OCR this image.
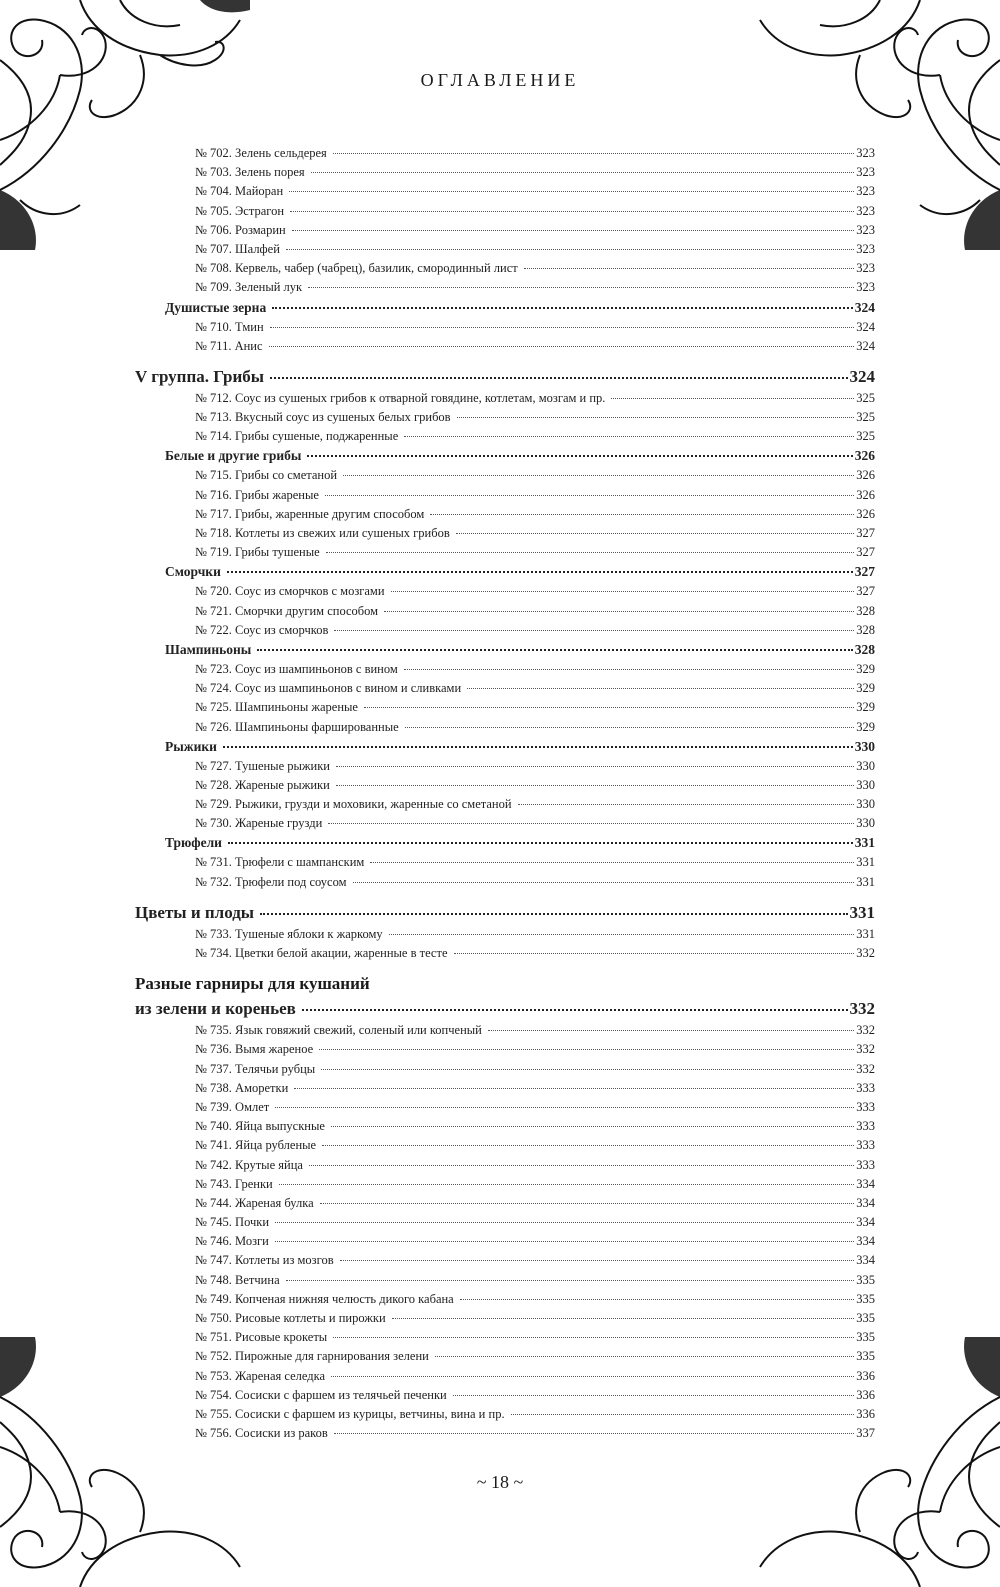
ОГЛАВЛЕНИЕ
№ 702. Зелень сельдерея	323
№ 703. Зелень порея	323
№ 704. Майоран	323
№ 705. Эстрагон	323
№ 706. Розмарин	323
№ 707. Шалфей	323
№ 708. Кервель, чабер (чабрец), базилик, смородинный лист	323
№ 709. Зеленый лук	323
Душистые зерна	324
№ 710. Тмин	324
№ 711. Анис	324
V группа. Грибы	324
№ 712. Соус из сушеных грибов к отварной говядине, котлетам, мозгам и пр.	325
№ 713. Вкусный соус из сушеных белых грибов	325
№ 714. Грибы сушеные, поджаренные	325
Белые и другие грибы	326
№ 715. Грибы со сметаной	326
№ 716. Грибы жареные	326
№ 717. Грибы, жаренные другим способом	326
№ 718. Котлеты из свежих или сушеных грибов	327
№ 719. Грибы тушеные	327
Сморчки	327
№ 720. Соус из сморчков с мозгами	327
№ 721. Сморчки другим способом	328
№ 722. Соус из сморчков	328
Шампиньоны	328
№ 723. Соус из шампиньонов с вином	329
№ 724. Соус из шампиньонов с вином и сливками	329
№ 725. Шампиньоны жареные	329
№ 726. Шампиньоны фаршированные	329
Рыжики	330
№ 727. Тушеные рыжики	330
№ 728. Жареные рыжики	330
№ 729. Рыжики, грузди и моховики, жаренные со сметаной	330
№ 730. Жареные грузди	330
Трюфели	331
№ 731. Трюфели с шампанским	331
№ 732. Трюфели под соусом	331
Цветы и плоды	331
№ 733. Тушеные яблоки к жаркому	331
№ 734. Цветки белой акации, жаренные в тесте	332
Разные гарниры для кушаний
из зелени и кореньев	332
№ 735. Язык говяжий свежий, соленый или копченый	332
№ 736. Вымя жареное	332
№ 737. Телячьи рубцы	332
№ 738. Аморетки	333
№ 739. Омлет	333
№ 740. Яйца выпускные	333
№ 741. Яйца рубленые	333
№ 742. Крутые яйца	333
№ 743. Гренки	334
№ 744. Жареная булка	334
№ 745. Почки	334
№ 746. Мозги	334
№ 747. Котлеты из мозгов	334
№ 748. Ветчина	335
№ 749. Копченая нижняя челюсть дикого кабана	335
№ 750. Рисовые котлеты и пирожки	335
№ 751. Рисовые крокеты	335
№ 752. Пирожные для гарнирования зелени	335
№ 753. Жареная селедка	336
№ 754. Сосиски с фаршем из телячьей печенки	336
№ 755. Сосиски с фаршем из курицы, ветчины, вина и пр.	336
№ 756. Сосиски из раков	337
~ 18 ~
